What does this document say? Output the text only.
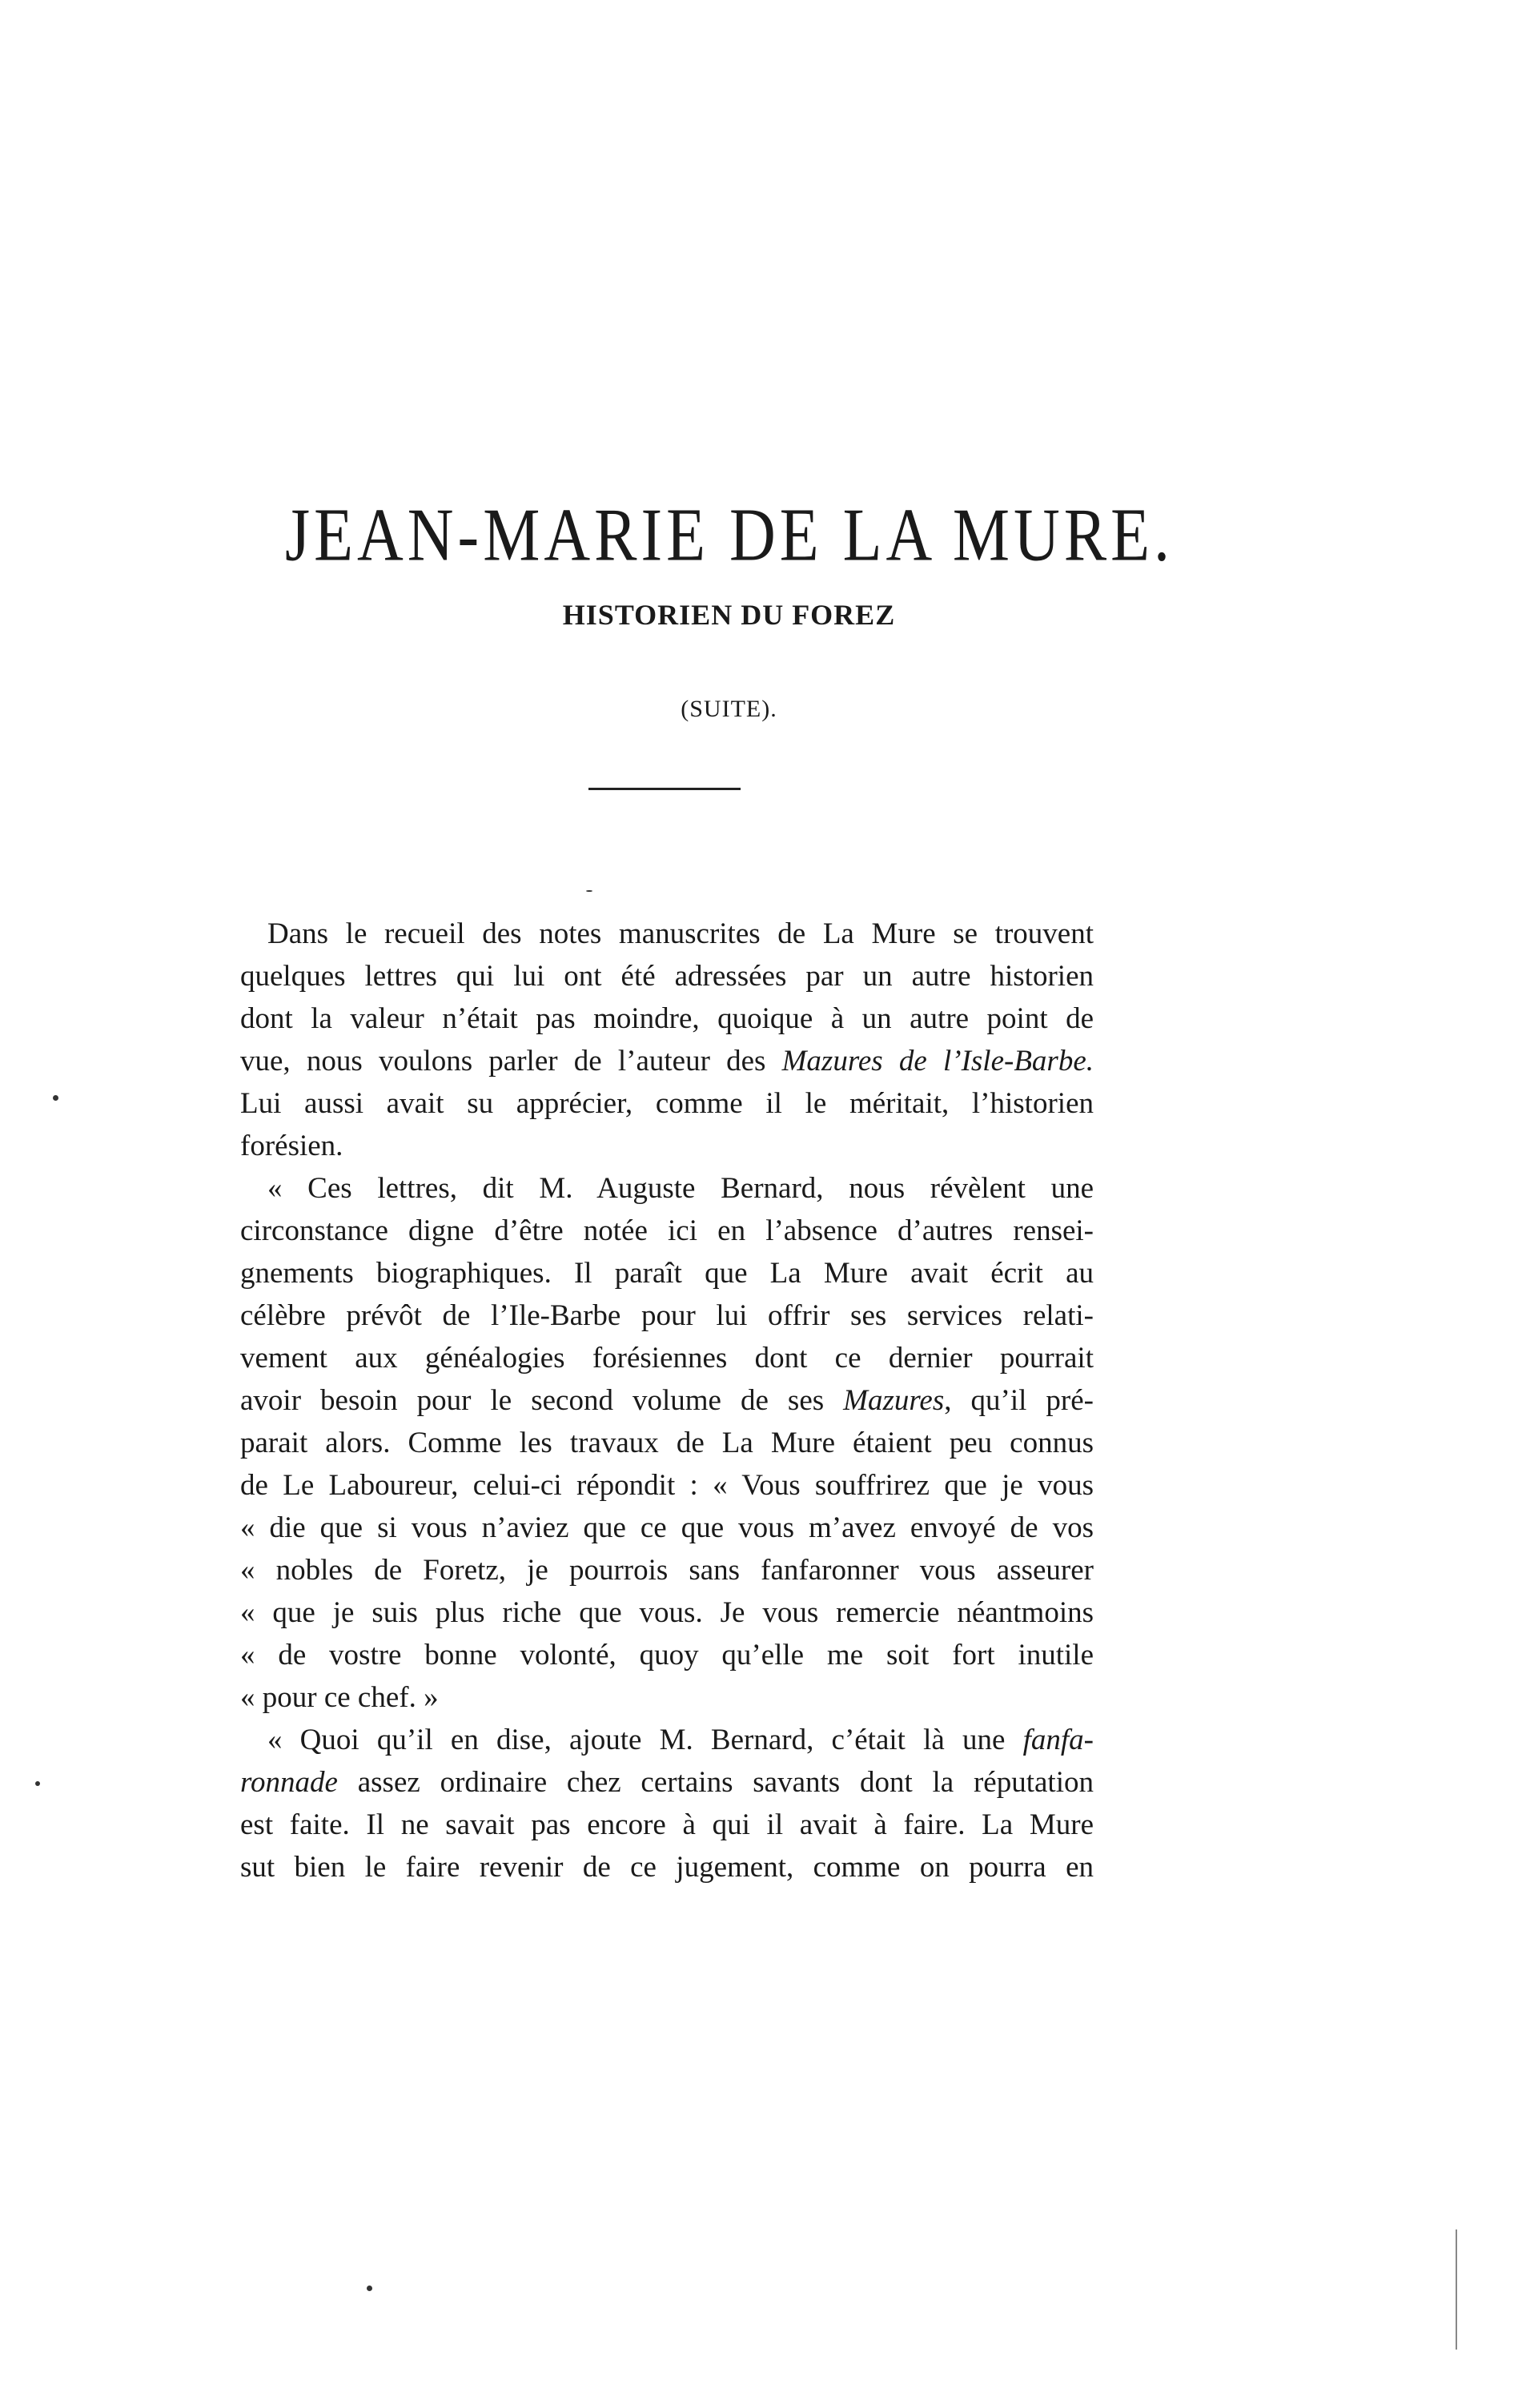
JEAN-MARIE DE LA MURE.
HISTORIEN DU FOREZ
(SUITE).
Dans le recueil des notes manuscrites de La Mure se trouvent
quelques lettres qui lui ont été adressées par un autre historien
dont la valeur n’était pas moindre, quoique à un autre point de
vue, nous voulons parler de l’auteur des Mazures de l’Isle-Barbe.
Lui aussi avait su apprécier, comme il le méritait, l’historien
forésien.
« Ces lettres, dit M. Auguste Bernard, nous révèlent une
circonstance digne d’être notée ici en l’absence d’autres rensei-
gnements biographiques. Il paraît que La Mure avait écrit au
célèbre prévôt de l’Ile-Barbe pour lui offrir ses services relati-
vement aux généalogies forésiennes dont ce dernier pourrait
avoir besoin pour le second volume de ses Mazures, qu’il pré-
parait alors. Comme les travaux de La Mure étaient peu connus
de Le Laboureur, celui-ci répondit : « Vous souffrirez que je vous
« die que si vous n’aviez que ce que vous m’avez envoyé de vos
« nobles de Foretz, je pourrois sans fanfaronner vous asseurer
« que je suis plus riche que vous. Je vous remercie néantmoins
« de vostre bonne volonté, quoy qu’elle me soit fort inutile
« pour ce chef. »
« Quoi qu’il en dise, ajoute M. Bernard, c’était là une fanfa-
ronnade assez ordinaire chez certains savants dont la réputation
est faite. Il ne savait pas encore à qui il avait à faire. La Mure
sut bien le faire revenir de ce jugement, comme on pourra en
